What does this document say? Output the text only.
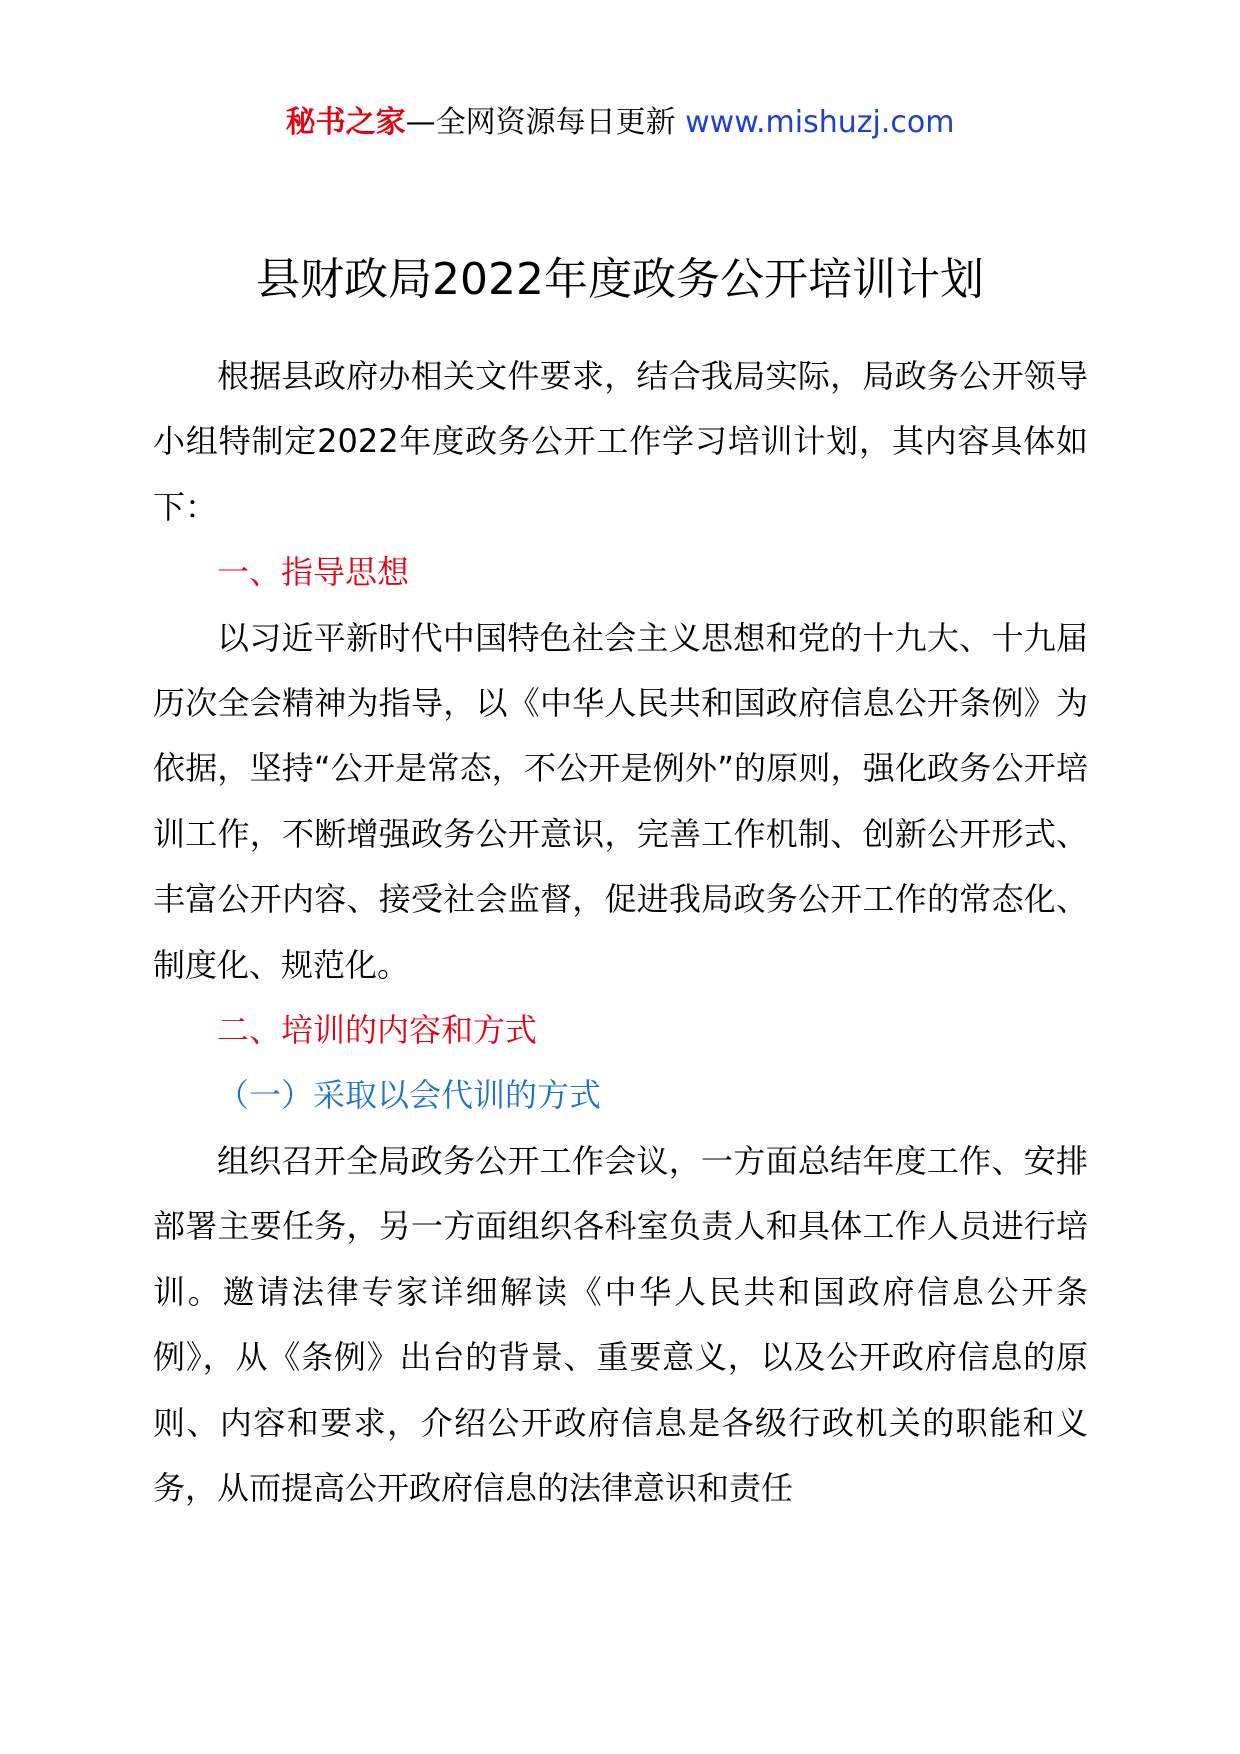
秘书之家—全网资源每日更新 www.mishuzj.com
县财政局2022年度政务公开培训计划

根据县政府办相关文件要求，结合我局实际，局政务公开领导小组特制定2022年度政务公开工作学习培训计划，其内容具体如下：

一、指导思想

以习近平新时代中国特色社会主义思想和党的十九大、十九届历次全会精神为指导，以《中华人民共和国政府信息公开条例》为依据，坚持“公开是常态，不公开是例外”的原则，强化政务公开培训工作，不断增强政务公开意识，完善工作机制、创新公开形式、丰富公开内容、接受社会监督，促进我局政务公开工作的常态化、制度化、规范化。

二、培训的内容和方式

（一）采取以会代训的方式

组织召开全局政务公开工作会议，一方面总结年度工作、安排部署主要任务，另一方面组织各科室负责人和具体工作人员进行培训。邀请法律专家详细解读《中华人民共和国政府信息公开条例》，从《条例》出台的背景、重要意义，以及公开政府信息的原则、内容和要求，介绍公开政府信息是各级行政机关的职能和义务，从而提高公开政府信息的法律意识和责任
